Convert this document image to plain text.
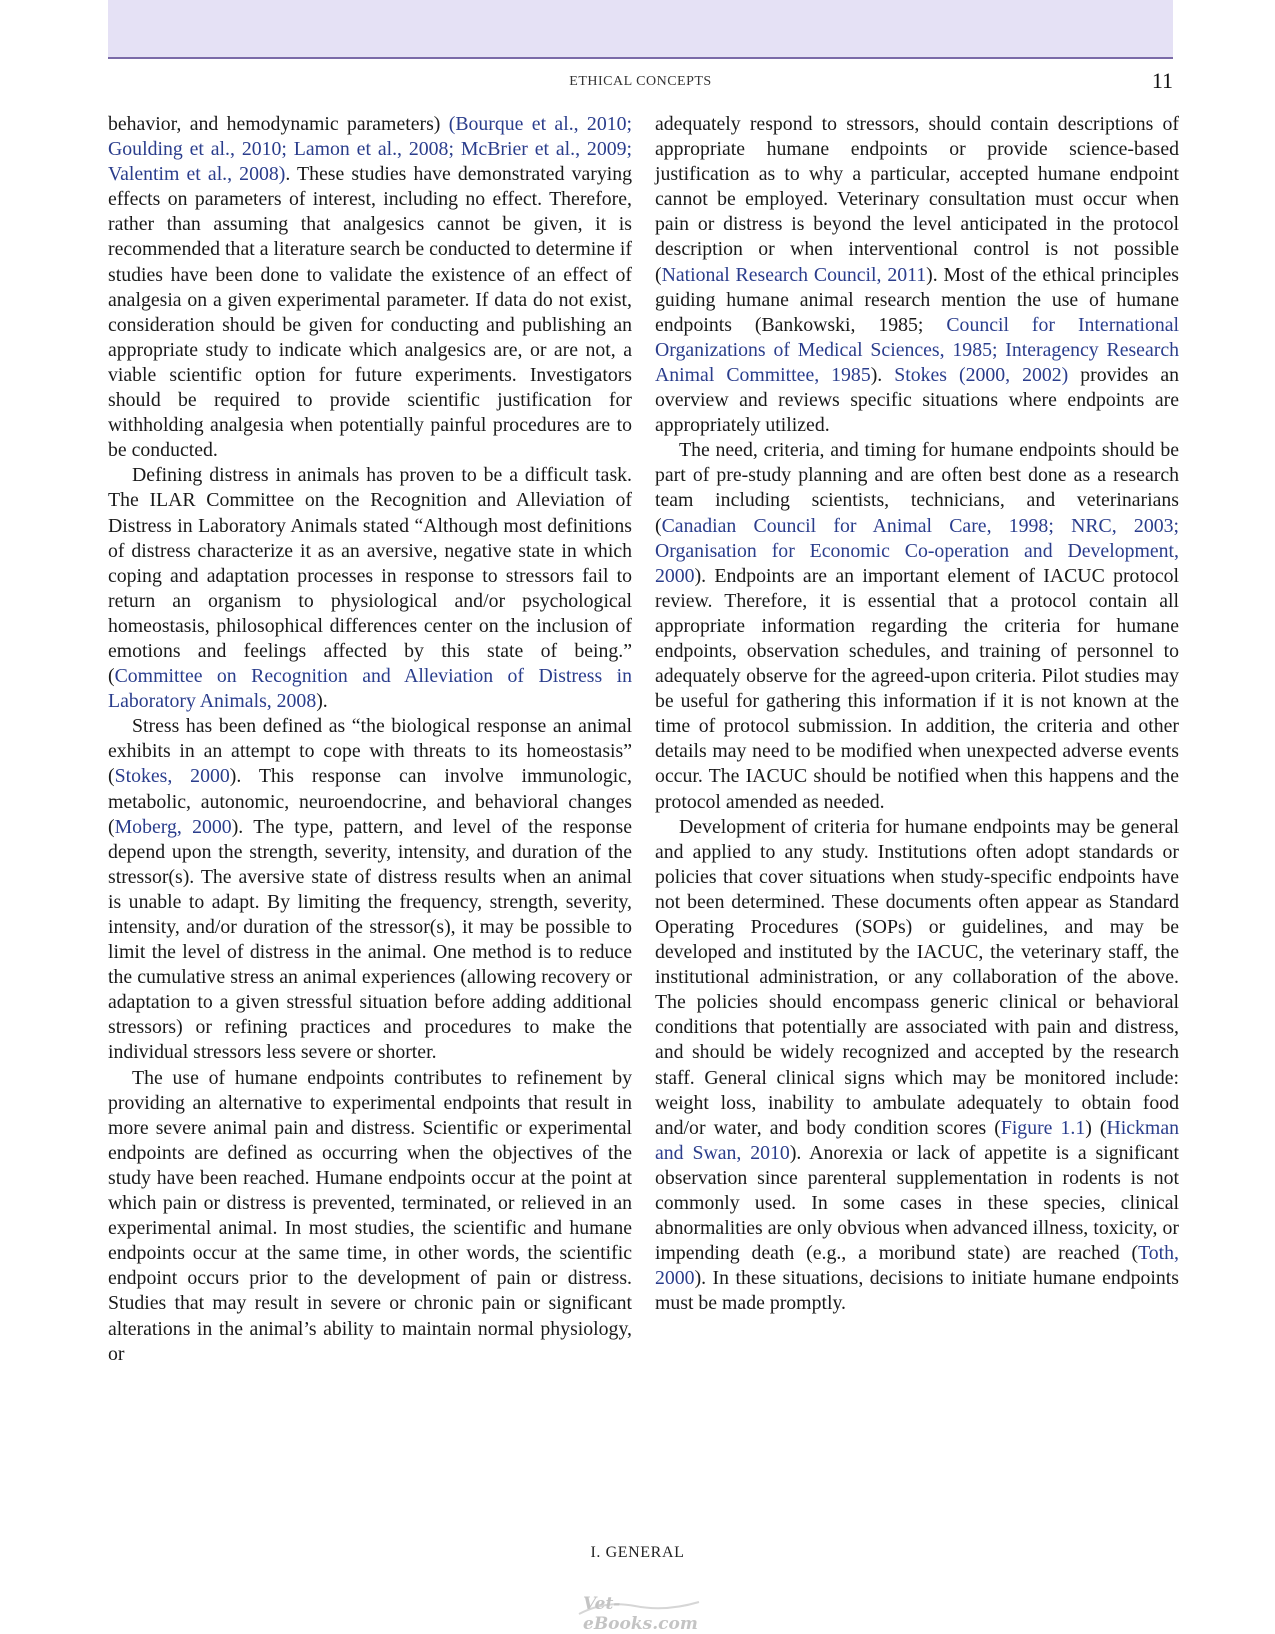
ETHICAL CONCEPTS	11

behavior, and hemodynamic parameters) (Bourque et al., 2010; Goulding et al., 2010; Lamon et al., 2008; McBrier et al., 2009; Valentim et al., 2008). These studies have demonstrated varying effects on parameters of interest, including no effect. Therefore, rather than assuming that analgesics cannot be given, it is recommended that a literature search be conducted to determine if studies have been done to validate the existence of an effect of analgesia on a given experimental parameter. If data do not exist, consideration should be given for conducting and publishing an appropriate study to indicate which analgesics are, or are not, a viable scientific option for future experiments. Investigators should be required to provide scientific justification for withholding analgesia when potentially painful procedures are to be conducted.

Defining distress in animals has proven to be a difficult task. The ILAR Committee on the Recognition and Alleviation of Distress in Laboratory Animals stated “Although most definitions of distress characterize it as an aversive, negative state in which coping and adaptation processes in response to stressors fail to return an organism to physiological and/or psychological homeostasis, philosophical differences center on the inclusion of emotions and feelings affected by this state of being.” (Committee on Recognition and Alleviation of Distress in Laboratory Animals, 2008).

Stress has been defined as “the biological response an animal exhibits in an attempt to cope with threats to its homeostasis” (Stokes, 2000). This response can involve immunologic, metabolic, autonomic, neuroendocrine, and behavioral changes (Moberg, 2000). The type, pattern, and level of the response depend upon the strength, severity, intensity, and duration of the stressor(s). The aversive state of distress results when an animal is unable to adapt. By limiting the frequency, strength, severity, intensity, and/or duration of the stressor(s), it may be possible to limit the level of distress in the animal. One method is to reduce the cumulative stress an animal experiences (allowing recovery or adaptation to a given stressful situation before adding additional stressors) or refining practices and procedures to make the individual stressors less severe or shorter.

The use of humane endpoints contributes to refinement by providing an alternative to experimental endpoints that result in more severe animal pain and distress. Scientific or experimental endpoints are defined as occurring when the objectives of the study have been reached. Humane endpoints occur at the point at which pain or distress is prevented, terminated, or relieved in an experimental animal. In most studies, the scientific and humane endpoints occur at the same time, in other words, the scientific endpoint occurs prior to the development of pain or distress. Studies that may result in severe or chronic pain or significant alterations in the animal’s ability to maintain normal physiology, or

adequately respond to stressors, should contain descriptions of appropriate humane endpoints or provide science-based justification as to why a particular, accepted humane endpoint cannot be employed. Veterinary consultation must occur when pain or distress is beyond the level anticipated in the protocol description or when interventional control is not possible (National Research Council, 2011). Most of the ethical principles guiding humane animal research mention the use of humane endpoints (Bankowski, 1985; Council for International Organizations of Medical Sciences, 1985; Interagency Research Animal Committee, 1985). Stokes (2000, 2002) provides an overview and reviews specific situations where endpoints are appropriately utilized.

The need, criteria, and timing for humane endpoints should be part of pre-study planning and are often best done as a research team including scientists, technicians, and veterinarians (Canadian Council for Animal Care, 1998; NRC, 2003; Organisation for Economic Co-operation and Development, 2000). Endpoints are an important element of IACUC protocol review. Therefore, it is essential that a protocol contain all appropriate information regarding the criteria for humane endpoints, observation schedules, and training of personnel to adequately observe for the agreed-upon criteria. Pilot studies may be useful for gathering this information if it is not known at the time of protocol submission. In addition, the criteria and other details may need to be modified when unexpected adverse events occur. The IACUC should be notified when this happens and the protocol amended as needed.

Development of criteria for humane endpoints may be general and applied to any study. Institutions often adopt standards or policies that cover situations when study-specific endpoints have not been determined. These documents often appear as Standard Operating Procedures (SOPs) or guidelines, and may be developed and instituted by the IACUC, the veterinary staff, the institutional administration, or any collaboration of the above. The policies should encompass generic clinical or behavioral conditions that potentially are associated with pain and distress, and should be widely recognized and accepted by the research staff. General clinical signs which may be monitored include: weight loss, inability to ambulate adequately to obtain food and/or water, and body condition scores (Figure 1.1) (Hickman and Swan, 2010). Anorexia or lack of appetite is a significant observation since parenteral supplementation in rodents is not commonly used. In some cases in these species, clinical abnormalities are only obvious when advanced illness, toxicity, or impending death (e.g., a moribund state) are reached (Toth, 2000). In these situations, decisions to initiate humane endpoints must be made promptly.

I. GENERAL
Vet-eBooks.com
